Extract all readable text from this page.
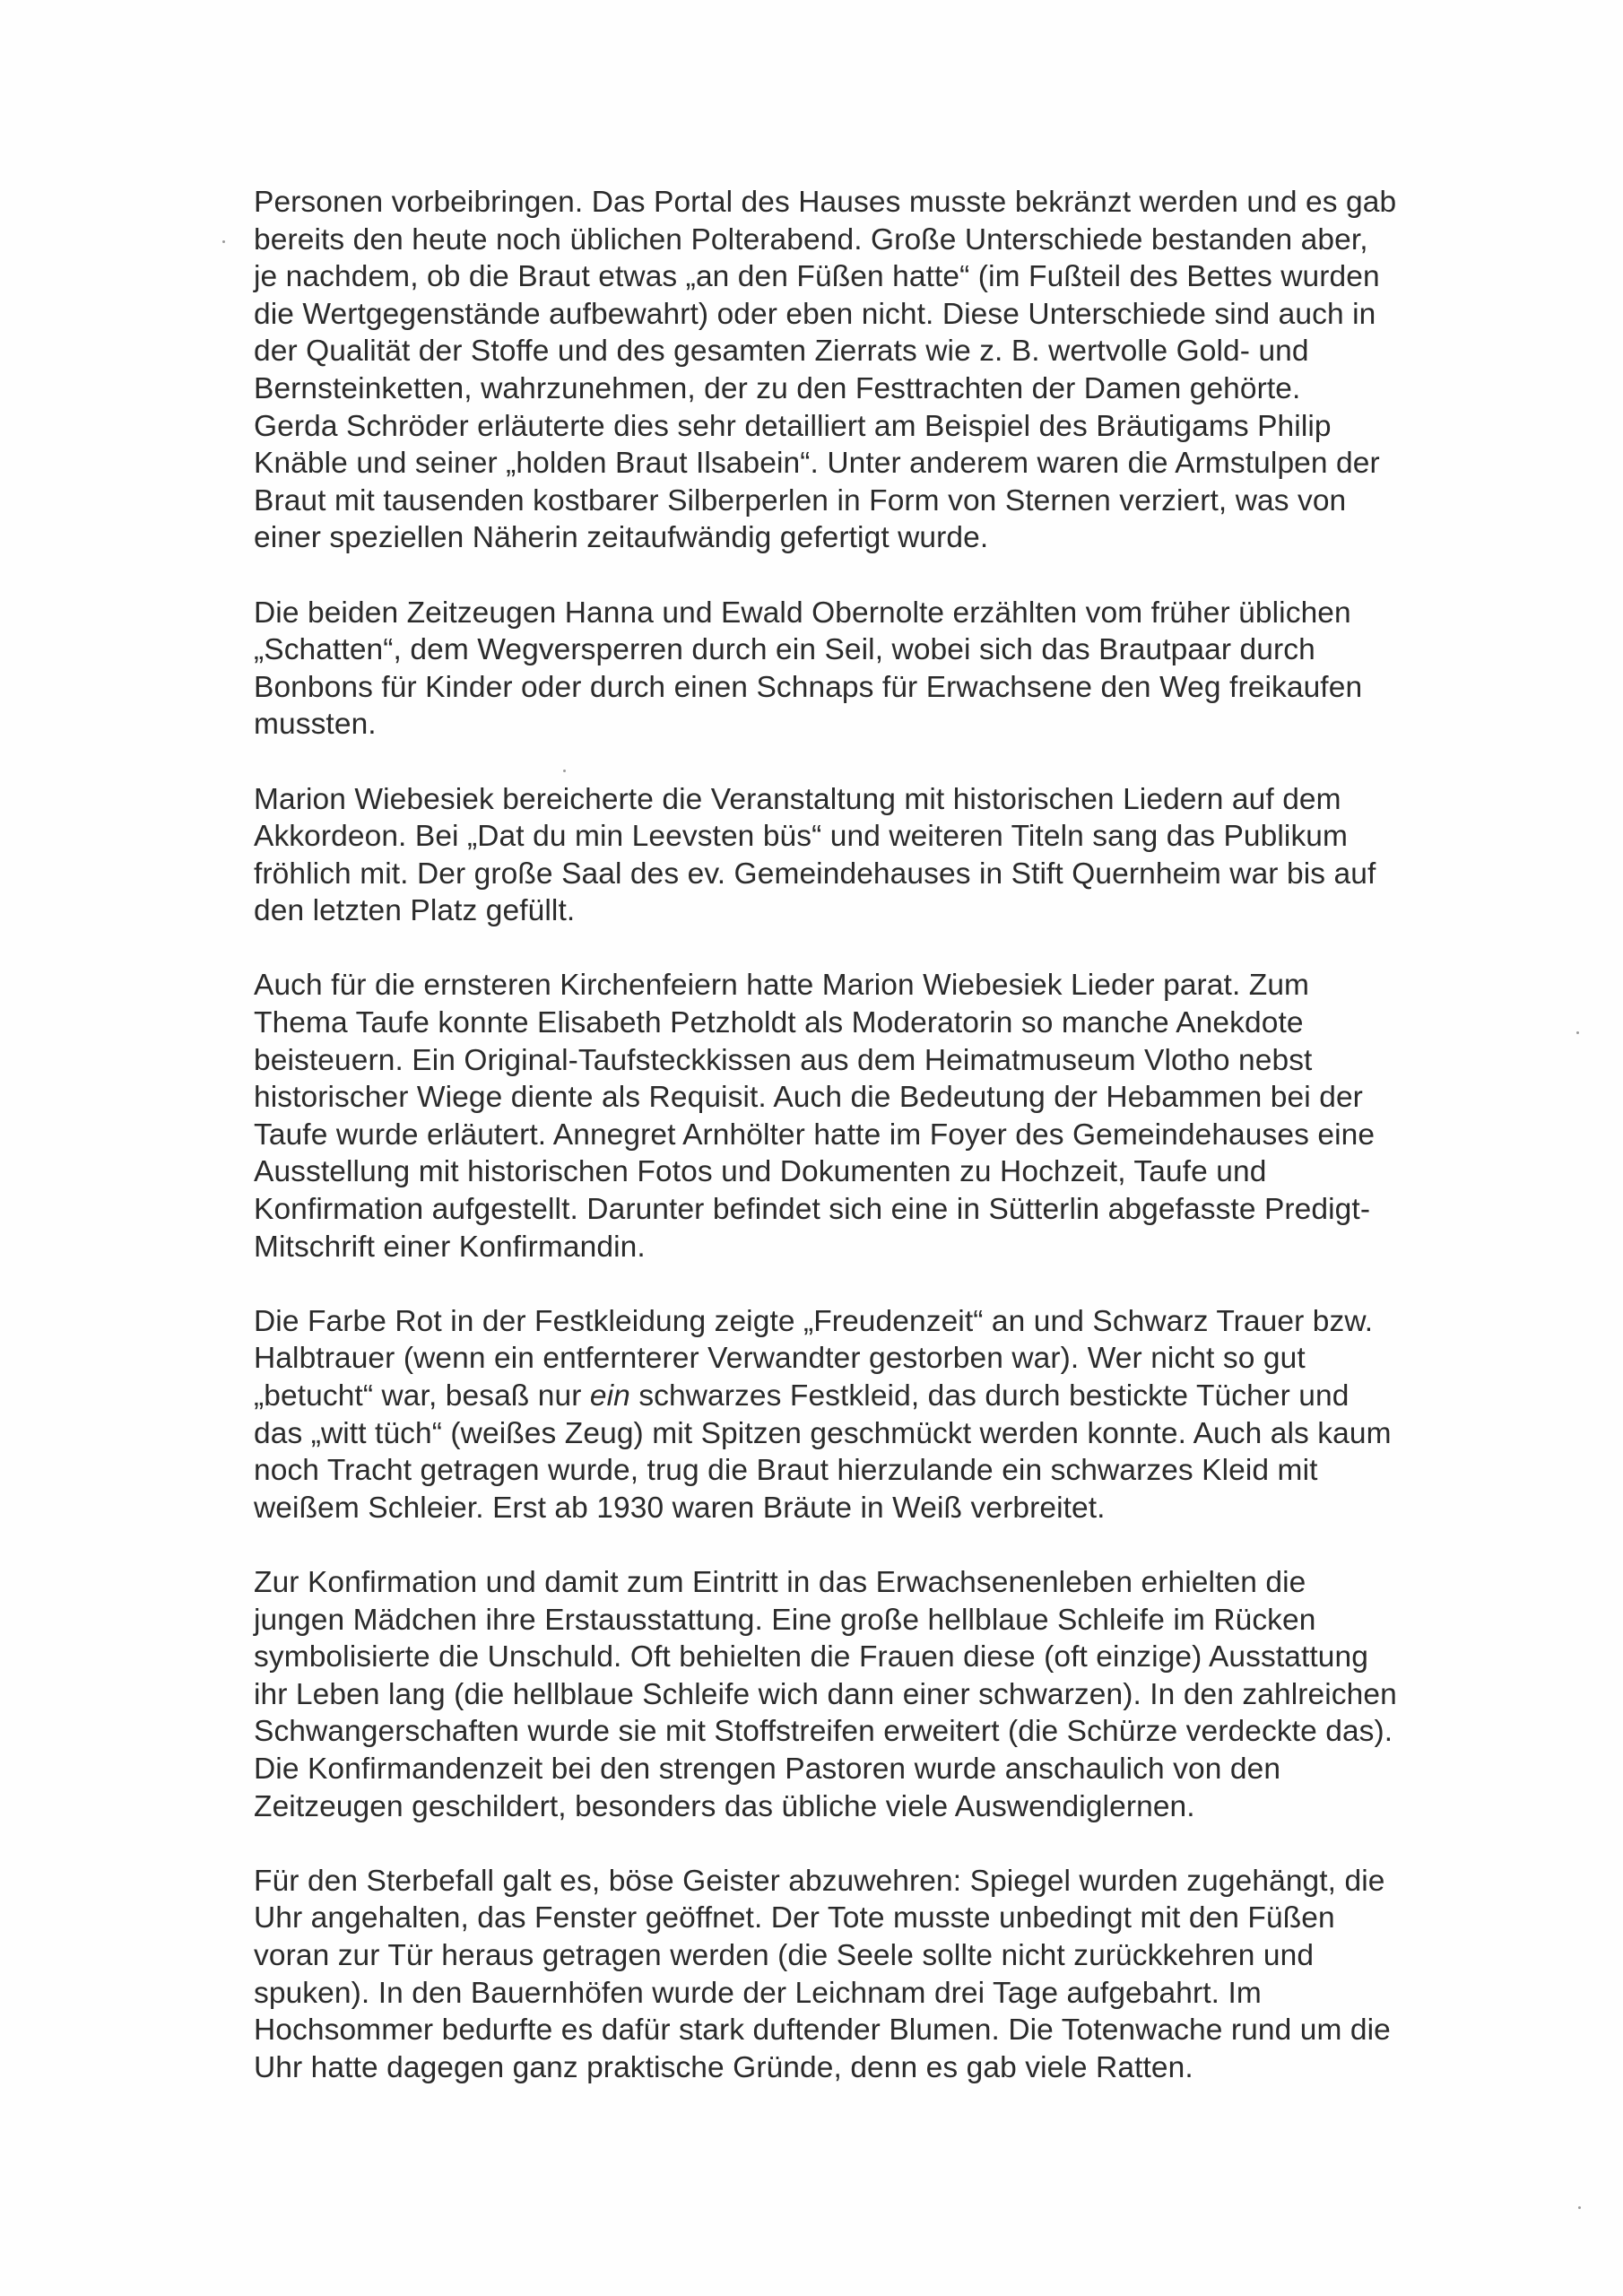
Personen vorbeibringen. Das Portal des Hauses musste bekränzt werden und es gab
bereits den heute noch üblichen Polterabend. Große Unterschiede bestanden aber,
je nachdem, ob die Braut etwas „an den Füßen hatte“ (im Fußteil des Bettes wurden
die Wertgegenstände aufbewahrt) oder eben nicht. Diese Unterschiede sind auch in
der Qualität der Stoffe und des gesamten Zierrats wie z. B. wertvolle Gold- und
Bernsteinketten, wahrzunehmen, der zu den Festtrachten der Damen gehörte.
Gerda Schröder erläuterte dies sehr detailliert am Beispiel des Bräutigams Philip
Knäble und seiner „holden Braut Ilsabein“. Unter anderem waren die Armstulpen der
Braut mit tausenden kostbarer Silberperlen in Form von Sternen verziert, was von
einer speziellen Näherin zeitaufwändig gefertigt wurde.

Die beiden Zeitzeugen Hanna und Ewald Obernolte erzählten vom früher üblichen
„Schatten“, dem Wegversperren durch ein Seil, wobei sich das Brautpaar durch
Bonbons für Kinder oder durch einen Schnaps für Erwachsene den Weg freikaufen
mussten.

Marion Wiebesiek bereicherte die Veranstaltung mit historischen Liedern auf dem
Akkordeon. Bei „Dat du min Leevsten büs“ und weiteren Titeln sang das Publikum
fröhlich mit. Der große Saal des ev. Gemeindehauses in Stift Quernheim war bis auf
den letzten Platz gefüllt.

Auch für die ernsteren Kirchenfeiern hatte Marion Wiebesiek Lieder parat. Zum
Thema Taufe konnte Elisabeth Petzholdt als Moderatorin so manche Anekdote
beisteuern. Ein Original-Taufsteckkissen aus dem Heimatmuseum Vlotho nebst
historischer Wiege diente als Requisit. Auch die Bedeutung der Hebammen bei der
Taufe wurde erläutert. Annegret Arnhölter hatte im Foyer des Gemeindehauses eine
Ausstellung mit historischen Fotos und Dokumenten zu Hochzeit, Taufe und
Konfirmation aufgestellt. Darunter befindet sich eine in Sütterlin abgefasste Predigt-
Mitschrift einer Konfirmandin.

Die Farbe Rot in der Festkleidung zeigte „Freudenzeit“ an und Schwarz Trauer bzw.
Halbtrauer (wenn ein entfernterer Verwandter gestorben war). Wer nicht so gut
„betucht“ war, besaß nur ein schwarzes Festkleid, das durch bestickte Tücher und
das „witt tüch“ (weißes Zeug) mit Spitzen geschmückt werden konnte. Auch als kaum
noch Tracht getragen wurde, trug die Braut hierzulande ein schwarzes Kleid mit
weißem Schleier. Erst ab 1930 waren Bräute in Weiß verbreitet.

Zur Konfirmation und damit zum Eintritt in das Erwachsenenleben erhielten die
jungen Mädchen ihre Erstausstattung. Eine große hellblaue Schleife im Rücken
symbolisierte die Unschuld. Oft behielten die Frauen diese (oft einzige) Ausstattung
ihr Leben lang (die hellblaue Schleife wich dann einer schwarzen). In den zahlreichen
Schwangerschaften wurde sie mit Stoffstreifen erweitert (die Schürze verdeckte das).
Die Konfirmandenzeit bei den strengen Pastoren wurde anschaulich von den
Zeitzeugen geschildert, besonders das übliche viele Auswendiglernen.

Für den Sterbefall galt es, böse Geister abzuwehren: Spiegel wurden zugehängt, die
Uhr angehalten, das Fenster geöffnet. Der Tote musste unbedingt mit den Füßen
voran zur Tür heraus getragen werden (die Seele sollte nicht zurückkehren und
spuken). In den Bauernhöfen wurde der Leichnam drei Tage aufgebahrt. Im
Hochsommer bedurfte es dafür stark duftender Blumen. Die Totenwache rund um die
Uhr hatte dagegen ganz praktische Gründe, denn es gab viele Ratten.
